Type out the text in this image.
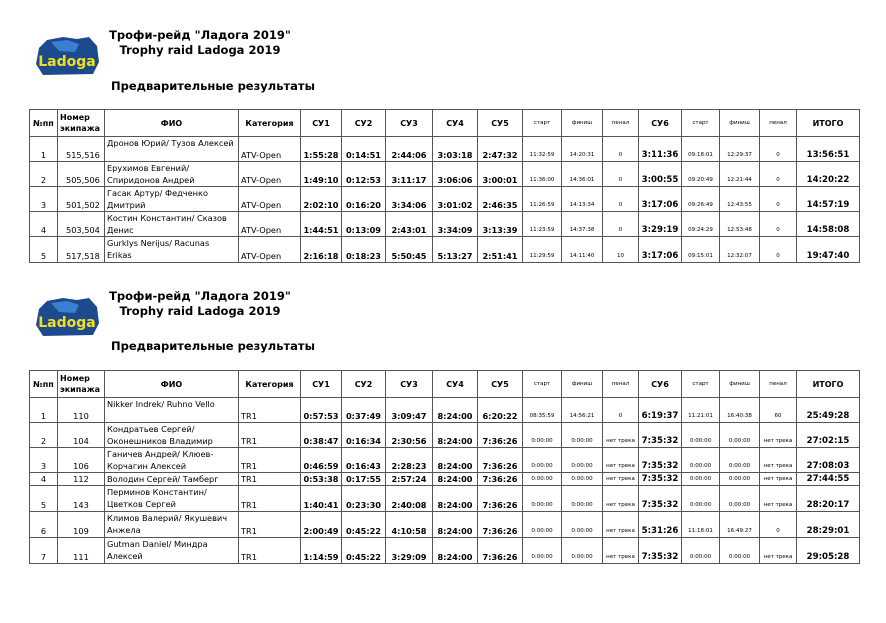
Ladoga
Трофи-рейд "Ладога 2019"
Trophy raid Ladoga 2019
Предварительные результаты
№пп	Номер экипажа	ФИО	Категория	СУ1	СУ2	СУ3	СУ4	СУ5	старт	финиш	пенал	СУ6	старт	финиш	пенал	ИТОГО
1	515,516	Дронов Юрий/ Тузов Алексей	ATV-Open	1:55:28	0:14:51	2:44:06	3:03:18	2:47:32	11:32:59	14:20:31	0	3:11:36	09:18:01	12:29:37	0	13:56:51
2	505,506	Ерухимов Евгений/ Спиридонов Андрей	ATV-Open	1:49:10	0:12:53	3:11:17	3:06:06	3:00:01	11:36:00	14:36:01	0	3:00:55	09:20:49	12:21:44	0	14:20:22
3	501,502	Гасак Артур/ Федченко Дмитрий	ATV-Open	2:02:10	0:16:20	3:34:06	3:01:02	2:46:35	11:26:59	14:13:34	0	3:17:06	09:26:49	12:43:55	0	14:57:19
4	503,504	Костин Константин/ Сказов Денис	ATV-Open	1:44:51	0:13:09	2:43:01	3:34:09	3:13:39	11:23:59	14:37:38	0	3:29:19	09:24:29	12:53:48	0	14:58:08
5	517,518	Gurklys Nerijus/ Racunas Erikas	ATV-Open	2:16:18	0:18:23	5:50:45	5:13:27	2:51:41	11:29:59	14:11:40	10	3:17:06	09:15:01	12:32:07	0	19:47:40
Ladoga
Трофи-рейд "Ладога 2019"
Trophy raid Ladoga 2019
Предварительные результаты
№пп	Номер экипажа	ФИО	Категория	СУ1	СУ2	СУ3	СУ4	СУ5	старт	финиш	пенал	СУ6	старт	финиш	пенал	ИТОГО
1	110	Nikker Indrek/ Ruhno Vello	TR1	0:57:53	0:37:49	3:09:47	8:24:00	6:20:22	08:35:59	14:56:21	0	6:19:37	11:21:01	16:40:38	60	25:49:28
2	104	Кондратьев Сергей/ Оконешников Владимир	TR1	0:38:47	0:16:34	2:30:56	8:24:00	7:36:26	0:00:00	0:00:00	нет трека	7:35:32	0:00:00	0:00:00	нет трека	27:02:15
3	106	Ганичев Андрей/ Клюев-Корчагин Алексей	TR1	0:46:59	0:16:43	2:28:23	8:24:00	7:36:26	0:00:00	0:00:00	нет трека	7:35:32	0:00:00	0:00:00	нет трека	27:08:03
4	112	Володин Сергей/ Тамберг	TR1	0:53:38	0:17:55	2:57:24	8:24:00	7:36:26	0:00:00	0:00:00	нет трека	7:35:32	0:00:00	0:00:00	нет трека	27:44:55
5	143	Перминов Константин/ Цветков Сергей	TR1	1:40:41	0:23:30	2:40:08	8:24:00	7:36:26	0:00:00	0:00:00	нет трека	7:35:32	0:00:00	0:00:00	нет трека	28:20:17
6	109	Климов Валерий/ Якушевич Анжела	TR1	2:00:49	0:45:22	4:10:58	8:24:00	7:36:26	0:00:00	0:00:00	нет трека	5:31:26	11:18:01	16:49:27	0	28:29:01
7	111	Gutman Daniel/ Миндра Алексей	TR1	1:14:59	0:45:22	3:29:09	8:24:00	7:36:26	0:00:00	0:00:00	нет трека	7:35:32	0:00:00	0:00:00	нет трека	29:05:28
